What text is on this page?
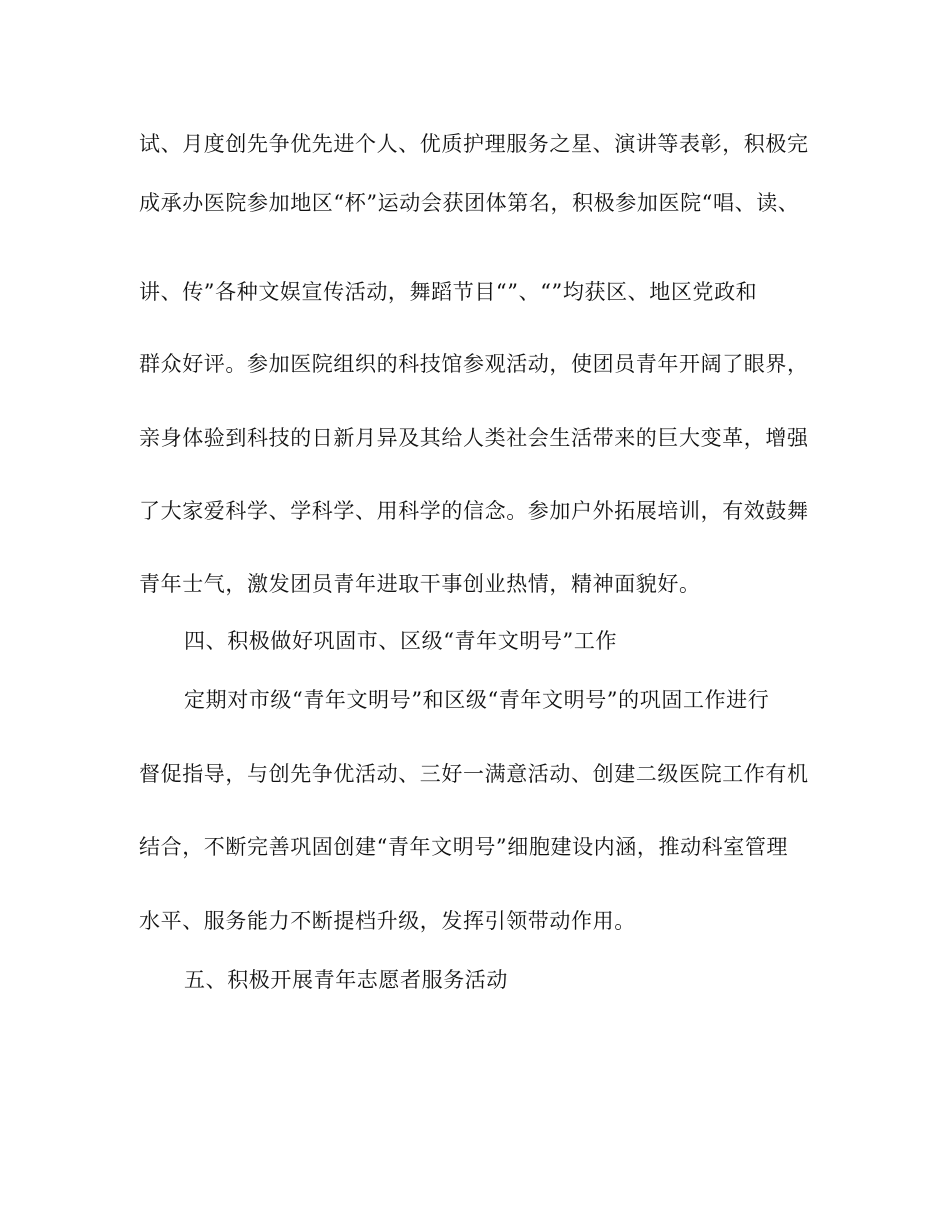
试、月度创先争优先进个人、优质护理服务之星、演讲等表彰，积极完
成承办医院参加地区“杯”运动会获团体第名，积极参加医院“唱、读、
讲、传”各种文娱宣传活动，舞蹈节目“”、“”均获区、地区党政和
群众好评。参加医院组织的科技馆参观活动，使团员青年开阔了眼界，
亲身体验到科技的日新月异及其给人类社会生活带来的巨大变革，增强
了大家爱科学、学科学、用科学的信念。参加户外拓展培训，有效鼓舞
青年士气，激发团员青年进取干事创业热情，精神面貌好。
四、积极做好巩固市、区级“青年文明号”工作
定期对市级“青年文明号”和区级“青年文明号”的巩固工作进行
督促指导，与创先争优活动、三好一满意活动、创建二级医院工作有机
结合，不断完善巩固创建“青年文明号”细胞建设内涵，推动科室管理
水平、服务能力不断提档升级，发挥引领带动作用。
五、积极开展青年志愿者服务活动
